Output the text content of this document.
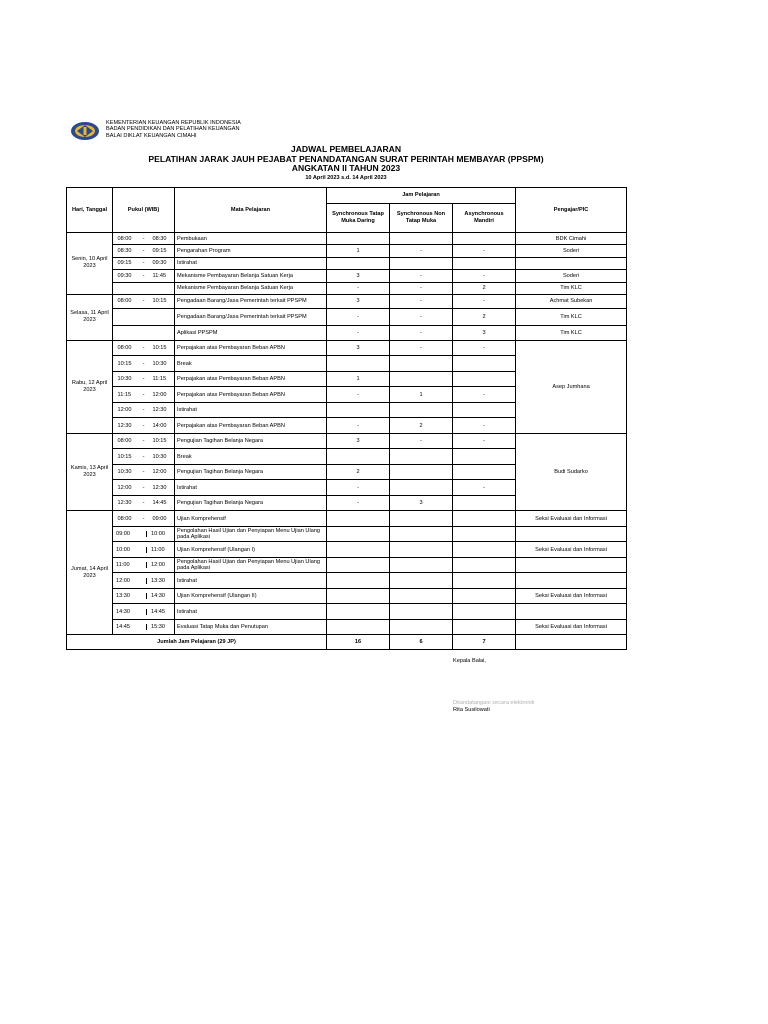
KEMENTERIAN KEUANGAN REPUBLIK INDONESIA
BADAN PENDIDIKAN DAN PELATIHAN KEUANGAN
BALAI DIKLAT KEUANGAN CIMAHI
JADWAL PEMBELAJARAN
PELATIHAN JARAK JAUH PEJABAT PENANDATANGAN SURAT PERINTAH MEMBAYAR (PPSPM)
ANGKATAN II TAHUN 2023
10 April 2023 s.d. 14 April 2023
Hari, Tanggal	Pukul (WIB)	Mata Pelajaran	Jam Pelajaran			Pengajar/PIC
			Synchronous Tatap Muka Daring	Synchronous Non Tatap Muka	Asynchronous Mandiri	
Senin, 10 April 2023	08:00 - 08:30	Pembukaan				BDK Cimahi
	08:30 - 09:15	Pengarahan Program	1	-	-	Soderi
	09:15 - 09:30	Istirahat				
	09:30 - 11:45	Mekanisme Pembayaran Belanja Satuan Kerja	3	-	-	Soderi
		Mekanisme Pembayaran Belanja Satuan Kerja	-	-	2	Tim KLC
Selasa, 11 April 2023	08:00 - 10:15	Pengadaan Barang/Jasa Pemerintah terkait PPSPM	3	-	-	Achmat Subekan
		Pengadaan Barang/Jasa Pemerintah terkait PPSPM	-	-	2	Tim KLC
		Aplikasi PPSPM	-	-	3	Tim KLC
Rabu, 12 April 2023	08:00 - 10:15	Perpajakan atas Pembayaran Beban APBN	3	-	-	Asep Jumhana
	10:15 - 10:30	Break				
	10:30 - 11:15	Perpajakan atas Pembayaran Beban APBN	1			
	11:15 - 12:00	Perpajakan atas Pembayaran Beban APBN	-	1	-	
	12:00 - 12:30	Istirahat				
	12:30 - 14:00	Perpajakan atas Pembayaran Beban APBN	-	2	-	
Kamis, 13 April 2023	08:00 - 10:15	Pengujian Tagihan Belanja Negara	3	-	-	Budi Sudarko
	10:15 - 10:30	Break				
	10:30 - 12:00	Pengujian Tagihan Belanja Negara	2			
	12:00 - 12:30	Istirahat	-		-	
	12:30 - 14:45	Pengujian Tagihan Belanja Negara	-	3		
Jumat, 14 April 2023	08:00 - 09:00	Ujian Komprehensif				Seksi Evaluasi dan Informasi

09:00 10:00	Pengolahan Hasil Ujian dan Penyiapan Menu Ujian Ulang pada Aplikasi				

10:00 11:00	Ujian Komprehensif (Ulangan I)				Seksi Evaluasi dan Informasi

11:00 12:00	Pengolahan Hasil Ujian dan Penyiapan Menu Ujian Ulang pada Aplikasi				

12:00 13:30	Istirahat				

13:30 14:30	Ujian Komprehensif (Ulangan II)				Seksi Evaluasi dan Informasi

14:30 14:45	Istirahat				

14:45 15:30	Evaluasi Tatap Muka dan Penutupan				Seksi Evaluasi dan Informasi
Jumlah Jam Pelajaran (29 JP)			16	6	7	
Kepala Balai,
Ditandatangani secara elektronik
Rita Susilowati
